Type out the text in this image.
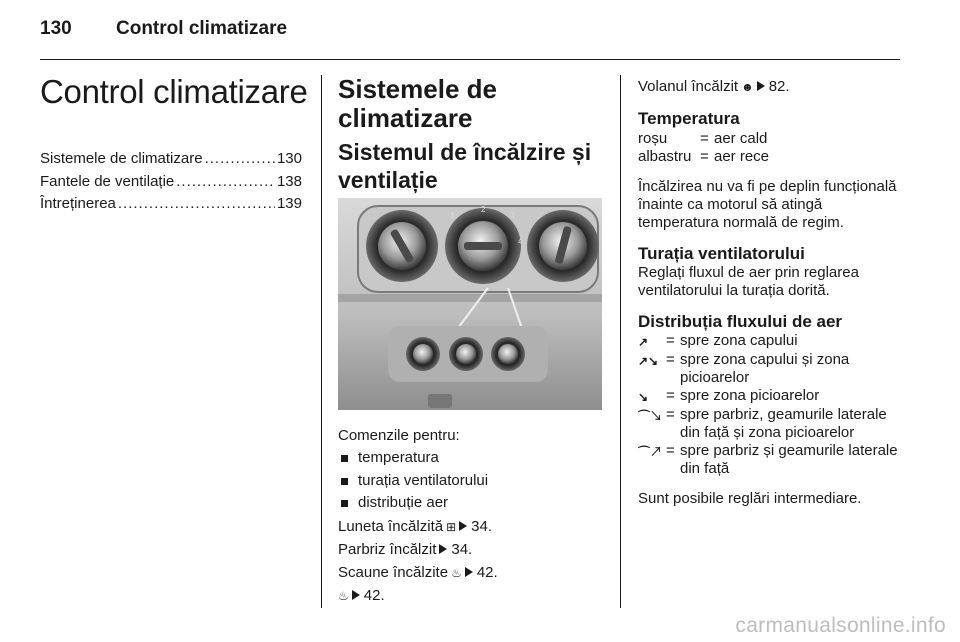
130 Control climatizare
Control climatizare
Sistemele de climatizare .....	130
Fantele de ventilație .....	138
Întreținerea .....	139
Sistemele de climatizare
Sistemul de încălzire și ventilație
1
2
3
4
Comenzile pentru:
temperatura
turația ventilatorului
distribuție aer
Luneta încălzită ⊞ 34.
Parbriz încălzit 34.
Scaune încălzite ♨ 42.
♨ 42.
Volanul încălzit ☻ 82.
Temperatura
roșu	= aer cald
albastru = aer rece
Încălzirea nu va fi pe deplin funcțională înainte ca motorul să atingă temperatura normală de regim.
Turația ventilatorului
Reglați fluxul de aer prin reglarea ventilatorului la turația dorită.
Distribuția fluxului de aer
↗	= spre zona capului
↗↘ = spre zona capului și zona picioarelor
↘	= spre zona picioarelor
⌒↘ = spre parbriz, geamurile laterale din față și zona picioarelor
⌒↗ = spre parbriz și geamurile laterale din față
Sunt posibile reglări intermediare.
carmanualsonline.info
